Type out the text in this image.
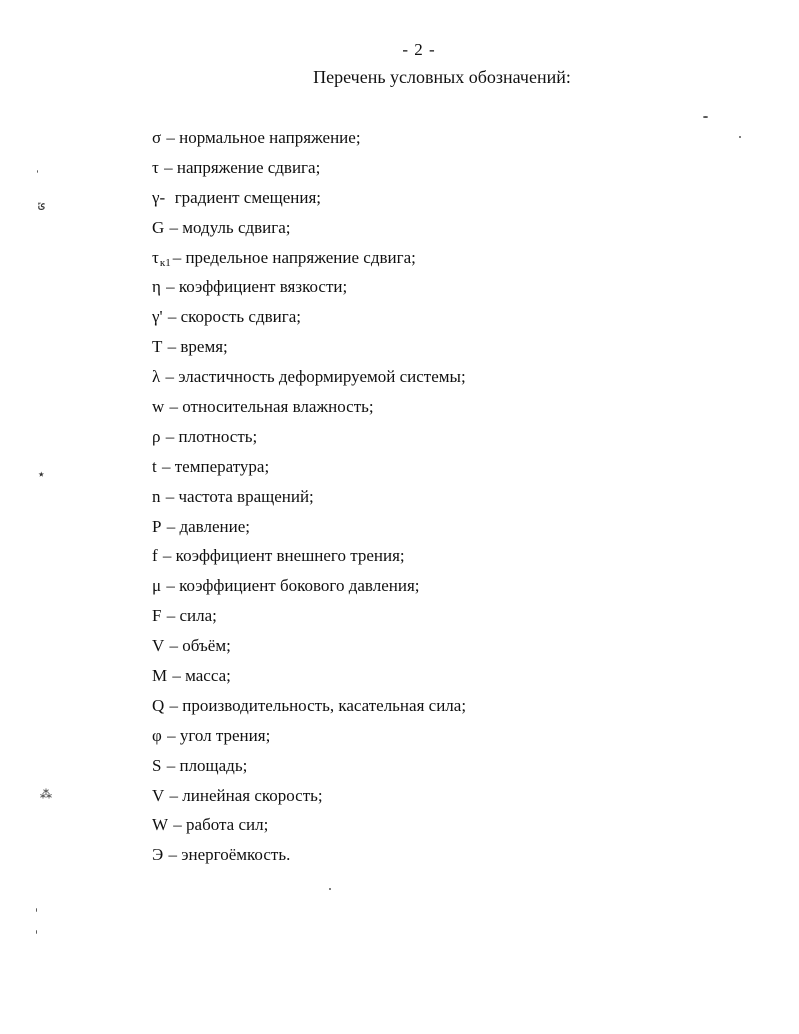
- 2 -
Перечень условных обозначений:
σ – нормальное напряжение;
τ – напряжение сдвига;
γ- градиент смещения;
G – модуль сдвига;
$\tau_{к1}$ – предельное напряжение сдвига;
η – коэффициент вязкости;
γ' – скорость сдвига;
T – время;
λ – эластичность деформируемой системы;
w – относительная влажность;
ρ – плотность;
t – температура;
n – частота вращений;
P – давление;
f – коэффициент внешнего трения;
μ – коэффициент бокового давления;
F – сила;
V – объём;
M – масса;
Q – производительность, касательная сила;
φ – угол трения;
S – площадь;
V – линейная скорость;
W – работа сил;
Э – энергоёмкость.
ݶ
٭
⁂
